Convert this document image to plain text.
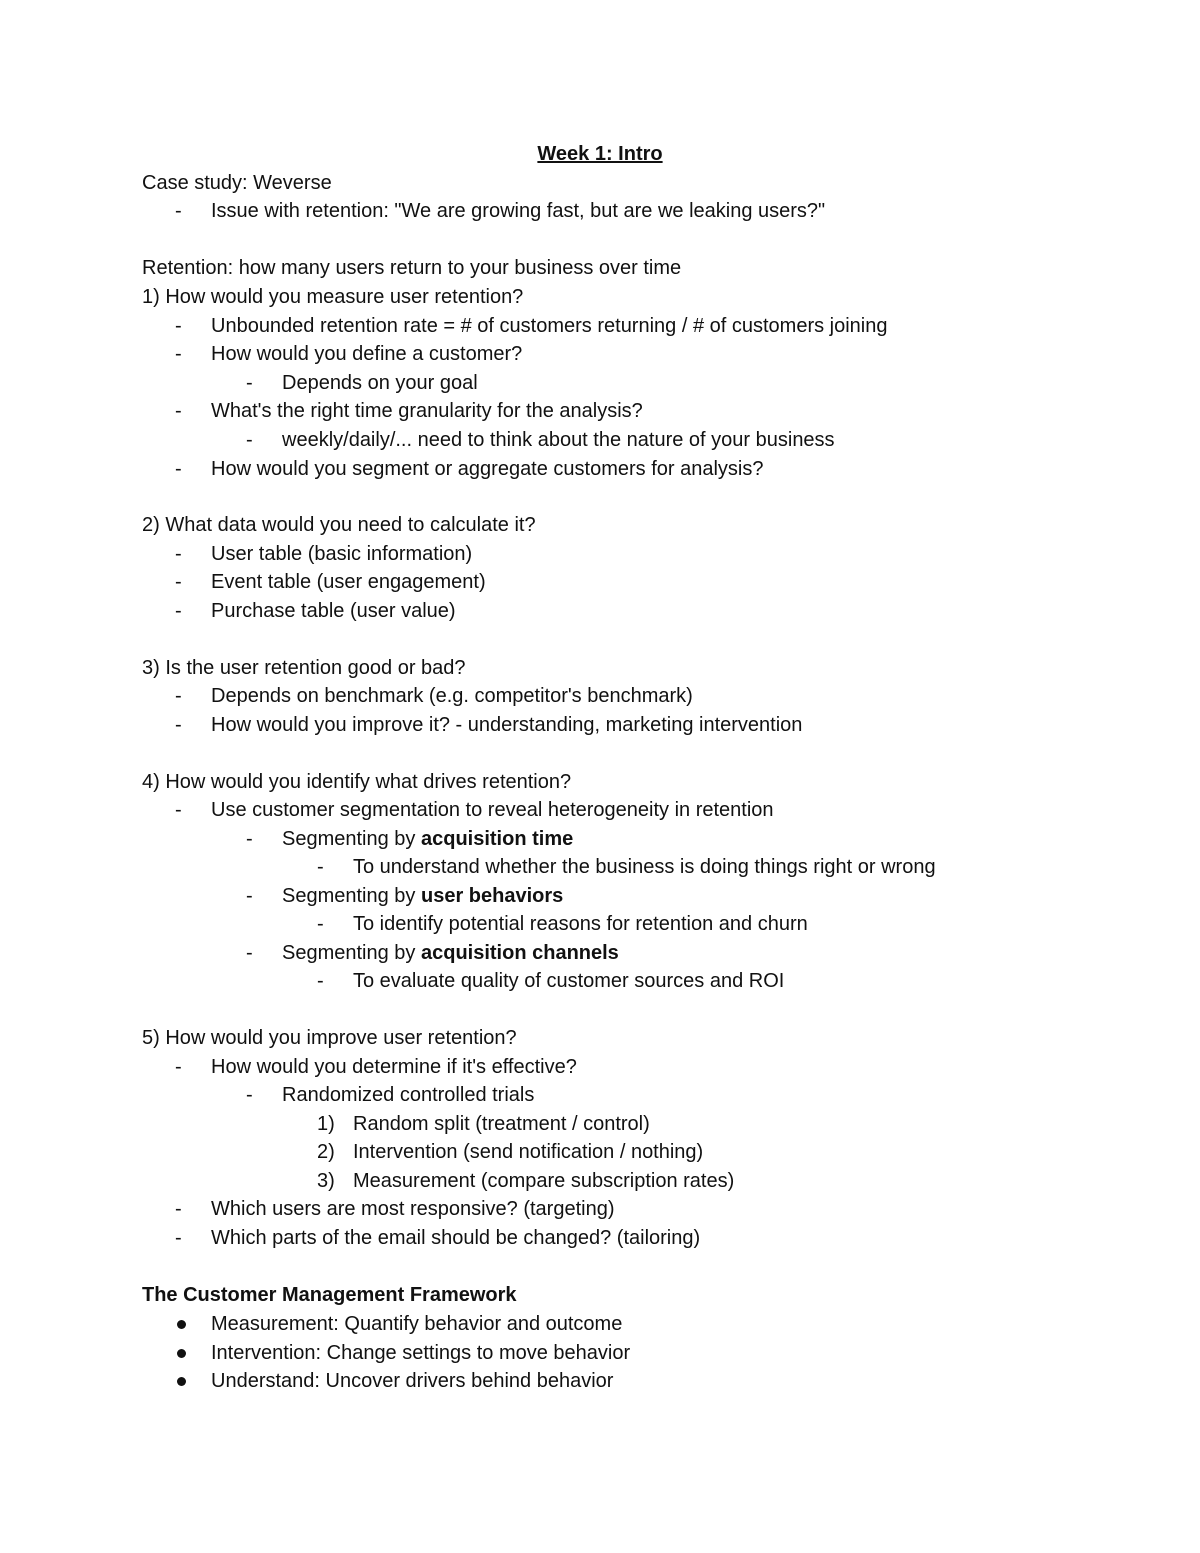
Week 1: Intro
Case study: Weverse
- Issue with retention: "We are growing fast, but are we leaking users?"
Retention: how many users return to your business over time
1) How would you measure user retention?
- Unbounded retention rate = # of customers returning / # of customers joining
- How would you define a customer?
- Depends on your goal
- What's the right time granularity for the analysis?
- weekly/daily/... need to think about the nature of your business
- How would you segment or aggregate customers for analysis?
2) What data would you need to calculate it?
- User table (basic information)
- Event table (user engagement)
- Purchase table (user value)
3) Is the user retention good or bad?
- Depends on benchmark (e.g. competitor's benchmark)
- How would you improve it? - understanding, marketing intervention
4) How would you identify what drives retention?
- Use customer segmentation to reveal heterogeneity in retention
- Segmenting by acquisition time
- To understand whether the business is doing things right or wrong
- Segmenting by user behaviors
- To identify potential reasons for retention and churn
- Segmenting by acquisition channels
- To evaluate quality of customer sources and ROI
5) How would you improve user retention?
- How would you determine if it's effective?
- Randomized controlled trials
1) Random split (treatment / control)
2) Intervention (send notification / nothing)
3) Measurement (compare subscription rates)
- Which users are most responsive? (targeting)
- Which parts of the email should be changed? (tailoring)
The Customer Management Framework
Measurement: Quantify behavior and outcome
Intervention: Change settings to move behavior
Understand: Uncover drivers behind behavior
